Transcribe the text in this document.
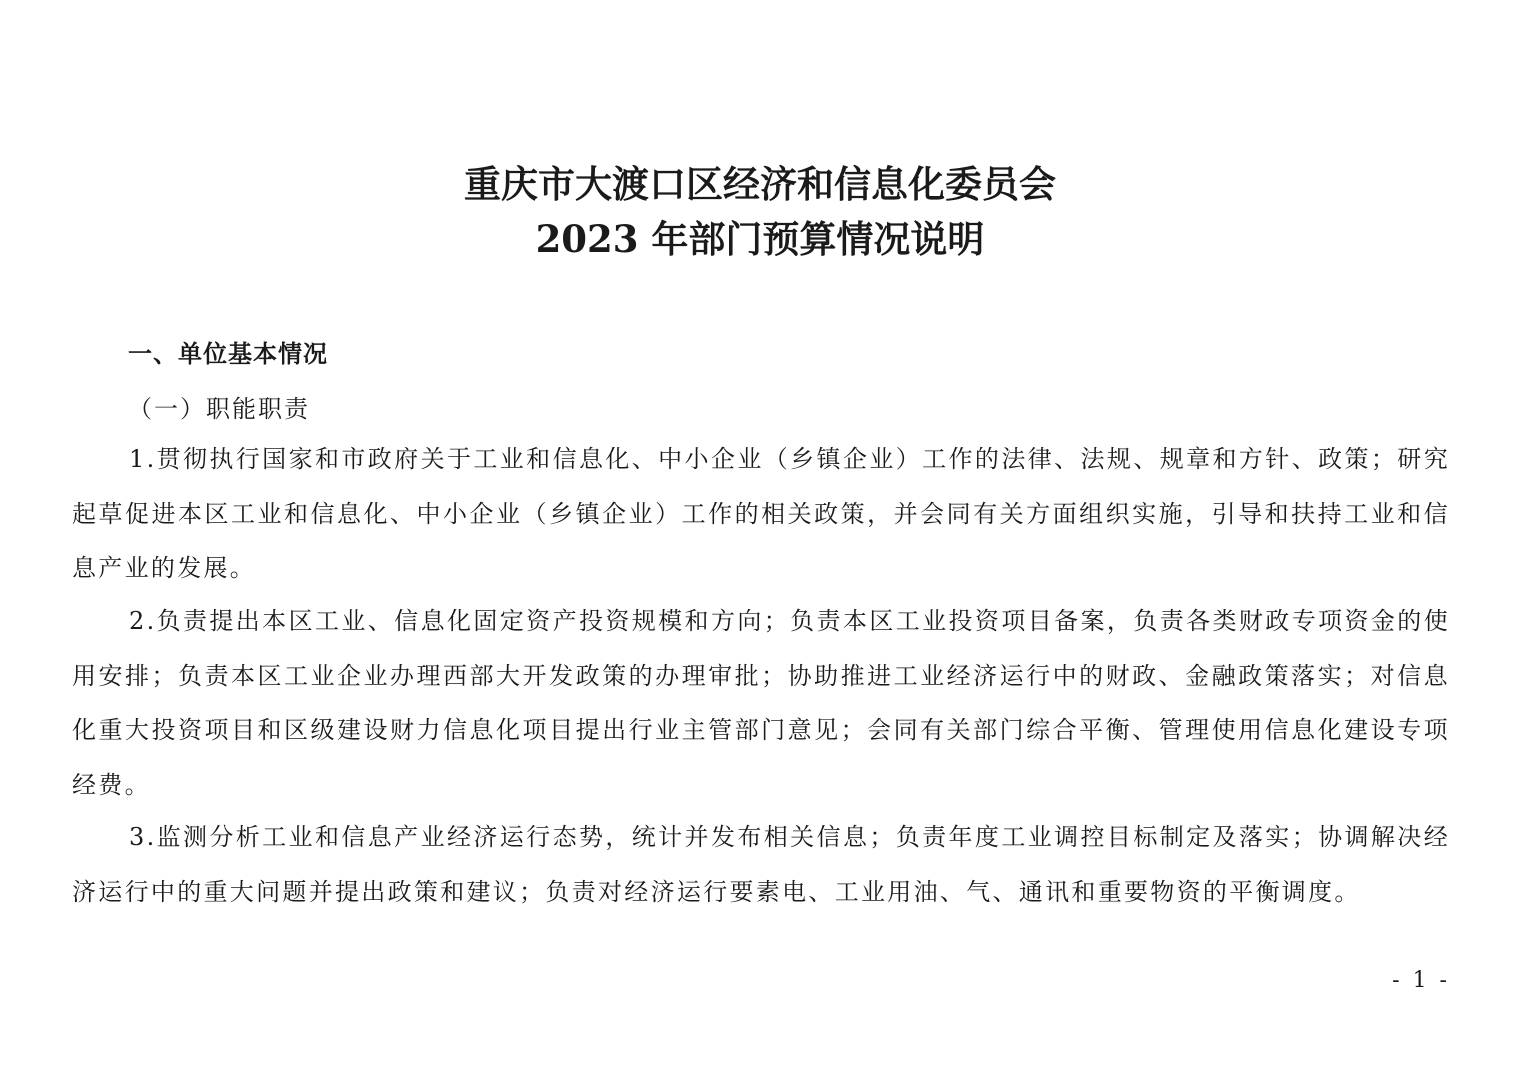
重庆市大渡口区经济和信息化委员会
2023 年部门预算情况说明
一、单位基本情况
（一）职能职责
1.贯彻执行国家和市政府关于工业和信息化、中小企业（乡镇企业）工作的法律、法规、规章和方针、政策；研究起草促进本区工业和信息化、中小企业（乡镇企业）工作的相关政策，并会同有关方面组织实施，引导和扶持工业和信息产业的发展。
2.负责提出本区工业、信息化固定资产投资规模和方向；负责本区工业投资项目备案，负责各类财政专项资金的使用安排；负责本区工业企业办理西部大开发政策的办理审批；协助推进工业经济运行中的财政、金融政策落实；对信息化重大投资项目和区级建设财力信息化项目提出行业主管部门意见；会同有关部门综合平衡、管理使用信息化建设专项经费。
3.监测分析工业和信息产业经济运行态势，统计并发布相关信息；负责年度工业调控目标制定及落实；协调解决经济运行中的重大问题并提出政策和建议；负责对经济运行要素电、工业用油、气、通讯和重要物资的平衡调度。
- 1 -
